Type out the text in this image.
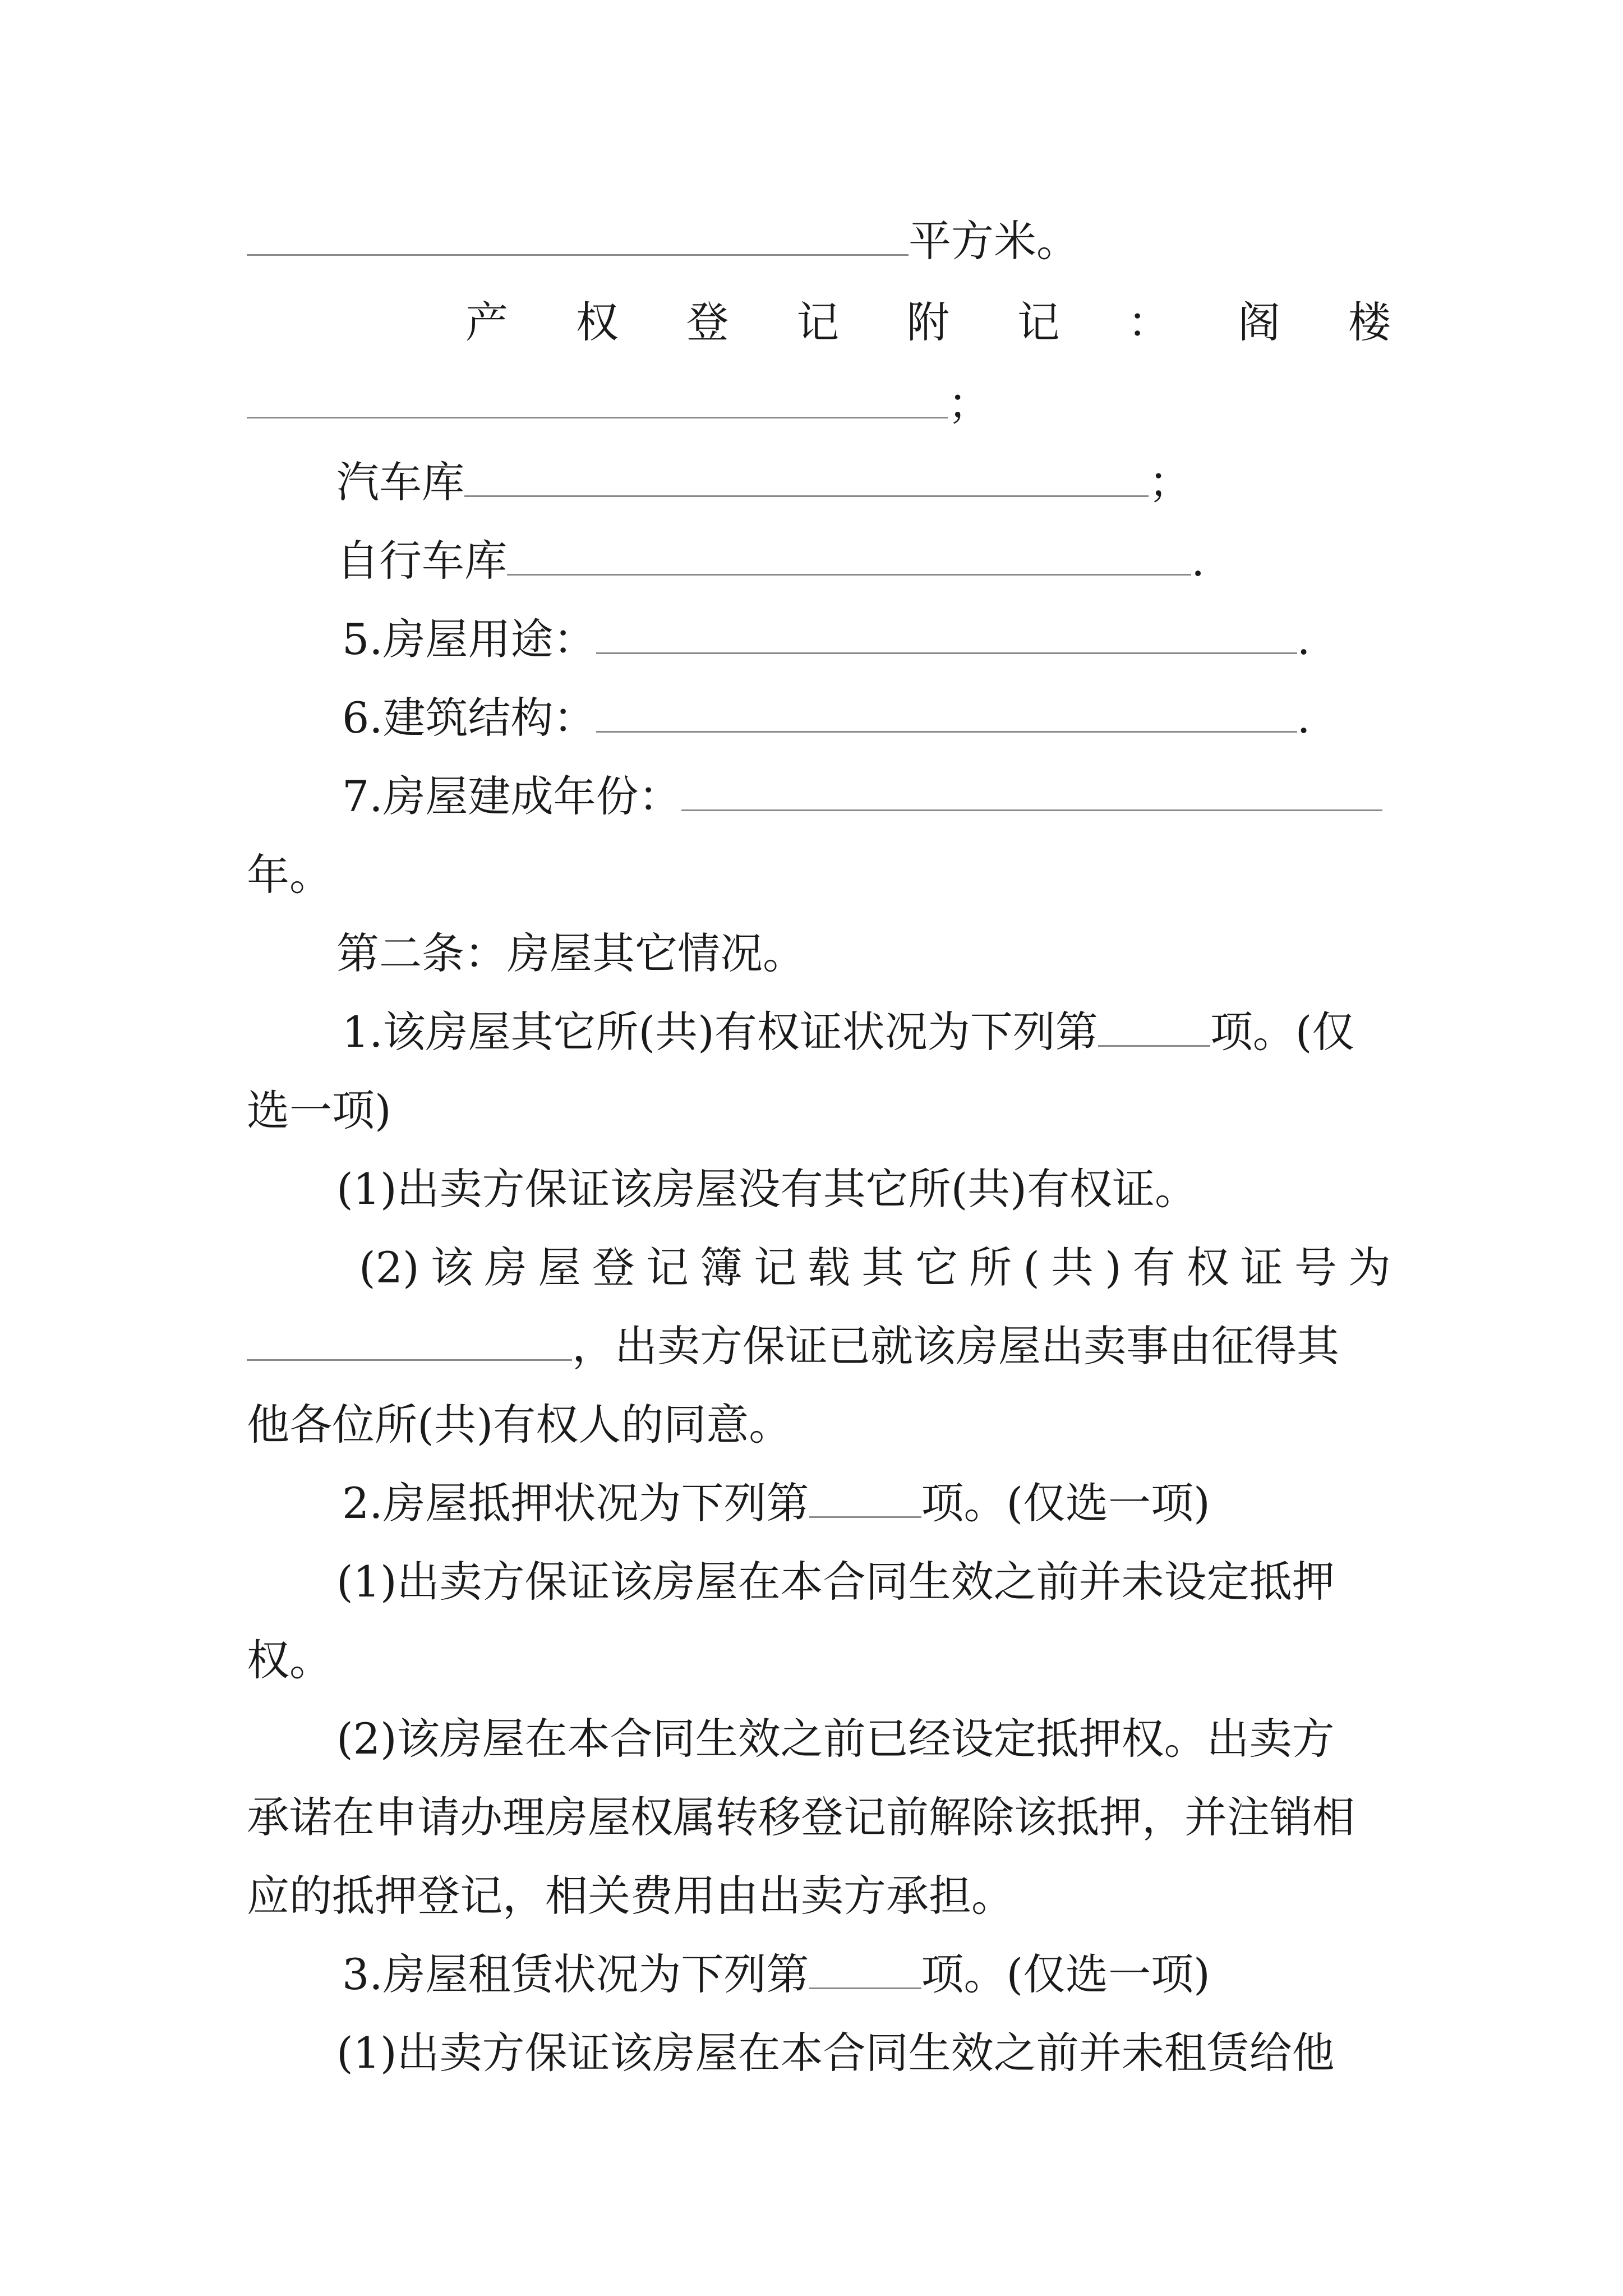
平方米。
产 权 登 记 附 记 ： 阁 楼
；
汽车库	；
自行车库	.
5.房屋用途：	.
6.建筑结构：	.
7.房屋建成年份：
年。
第二条：房屋其它情况。
1.该房屋其它所(共)有权证状况为下列第	项。(仅
选一项)
(1)出卖方保证该房屋没有其它所(共)有权证。
(2) 该 房 屋 登 记 簿 记 载 其 它 所 ( 共 ) 有 权 证 号 为
，出卖方保证已就该房屋出卖事由征得其
他各位所(共)有权人的同意。
2.房屋抵押状况为下列第	项。(仅选一项)
(1)出卖方保证该房屋在本合同生效之前并未设定抵押
权。
(2)该房屋在本合同生效之前已经设定抵押权。出卖方
承诺在申请办理房屋权属转移登记前解除该抵押，并注销相
应的抵押登记，相关费用由出卖方承担。
3.房屋租赁状况为下列第	项。(仅选一项)
(1)出卖方保证该房屋在本合同生效之前并未租赁给他
